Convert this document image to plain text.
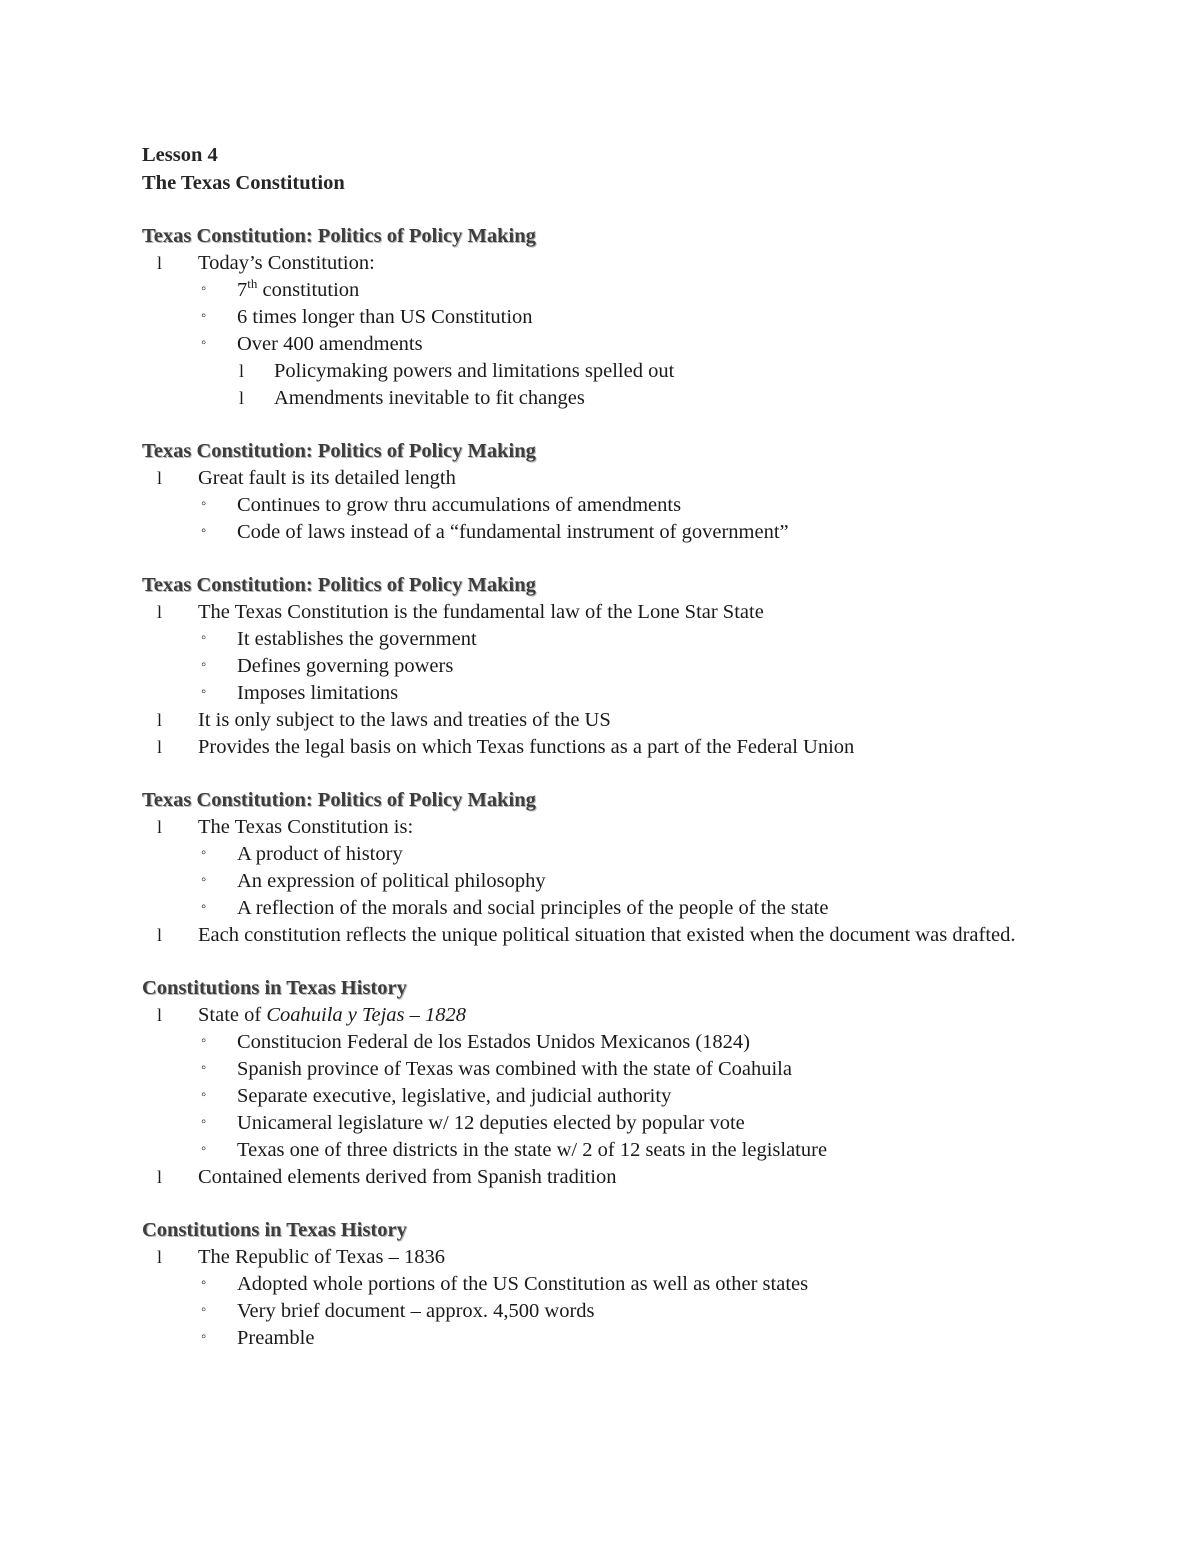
Lesson 4
The Texas Constitution
Texas Constitution: Politics of Policy Making
l Today’s Constitution:
◦ 7th constitution
◦ 6 times longer than US Constitution
◦ Over 400 amendments
l Policymaking powers and limitations spelled out
l Amendments inevitable to fit changes
Texas Constitution: Politics of Policy Making
l Great fault is its detailed length
◦ Continues to grow thru accumulations of amendments
◦ Code of laws instead of a “fundamental instrument of government”
Texas Constitution: Politics of Policy Making
l The Texas Constitution is the fundamental law of the Lone Star State
◦ It establishes the government
◦ Defines governing powers
◦ Imposes limitations
l It is only subject to the laws and treaties of the US
l Provides the legal basis on which Texas functions as a part of the Federal Union
Texas Constitution: Politics of Policy Making
l The Texas Constitution is:
◦ A product of history
◦ An expression of political philosophy
◦ A reflection of the morals and social principles of the people of the state
l Each constitution reflects the unique political situation that existed when the document was drafted.
Constitutions in Texas History
l State of Coahuila y Tejas – 1828
◦ Constitucion Federal de los Estados Unidos Mexicanos (1824)
◦ Spanish province of Texas was combined with the state of Coahuila
◦ Separate executive, legislative, and judicial authority
◦ Unicameral legislature w/ 12 deputies elected by popular vote
◦ Texas one of three districts in the state w/ 2 of 12 seats in the legislature
l Contained elements derived from Spanish tradition
Constitutions in Texas History
l The Republic of Texas – 1836
◦ Adopted whole portions of the US Constitution as well as other states
◦ Very brief document – approx. 4,500 words
◦ Preamble
